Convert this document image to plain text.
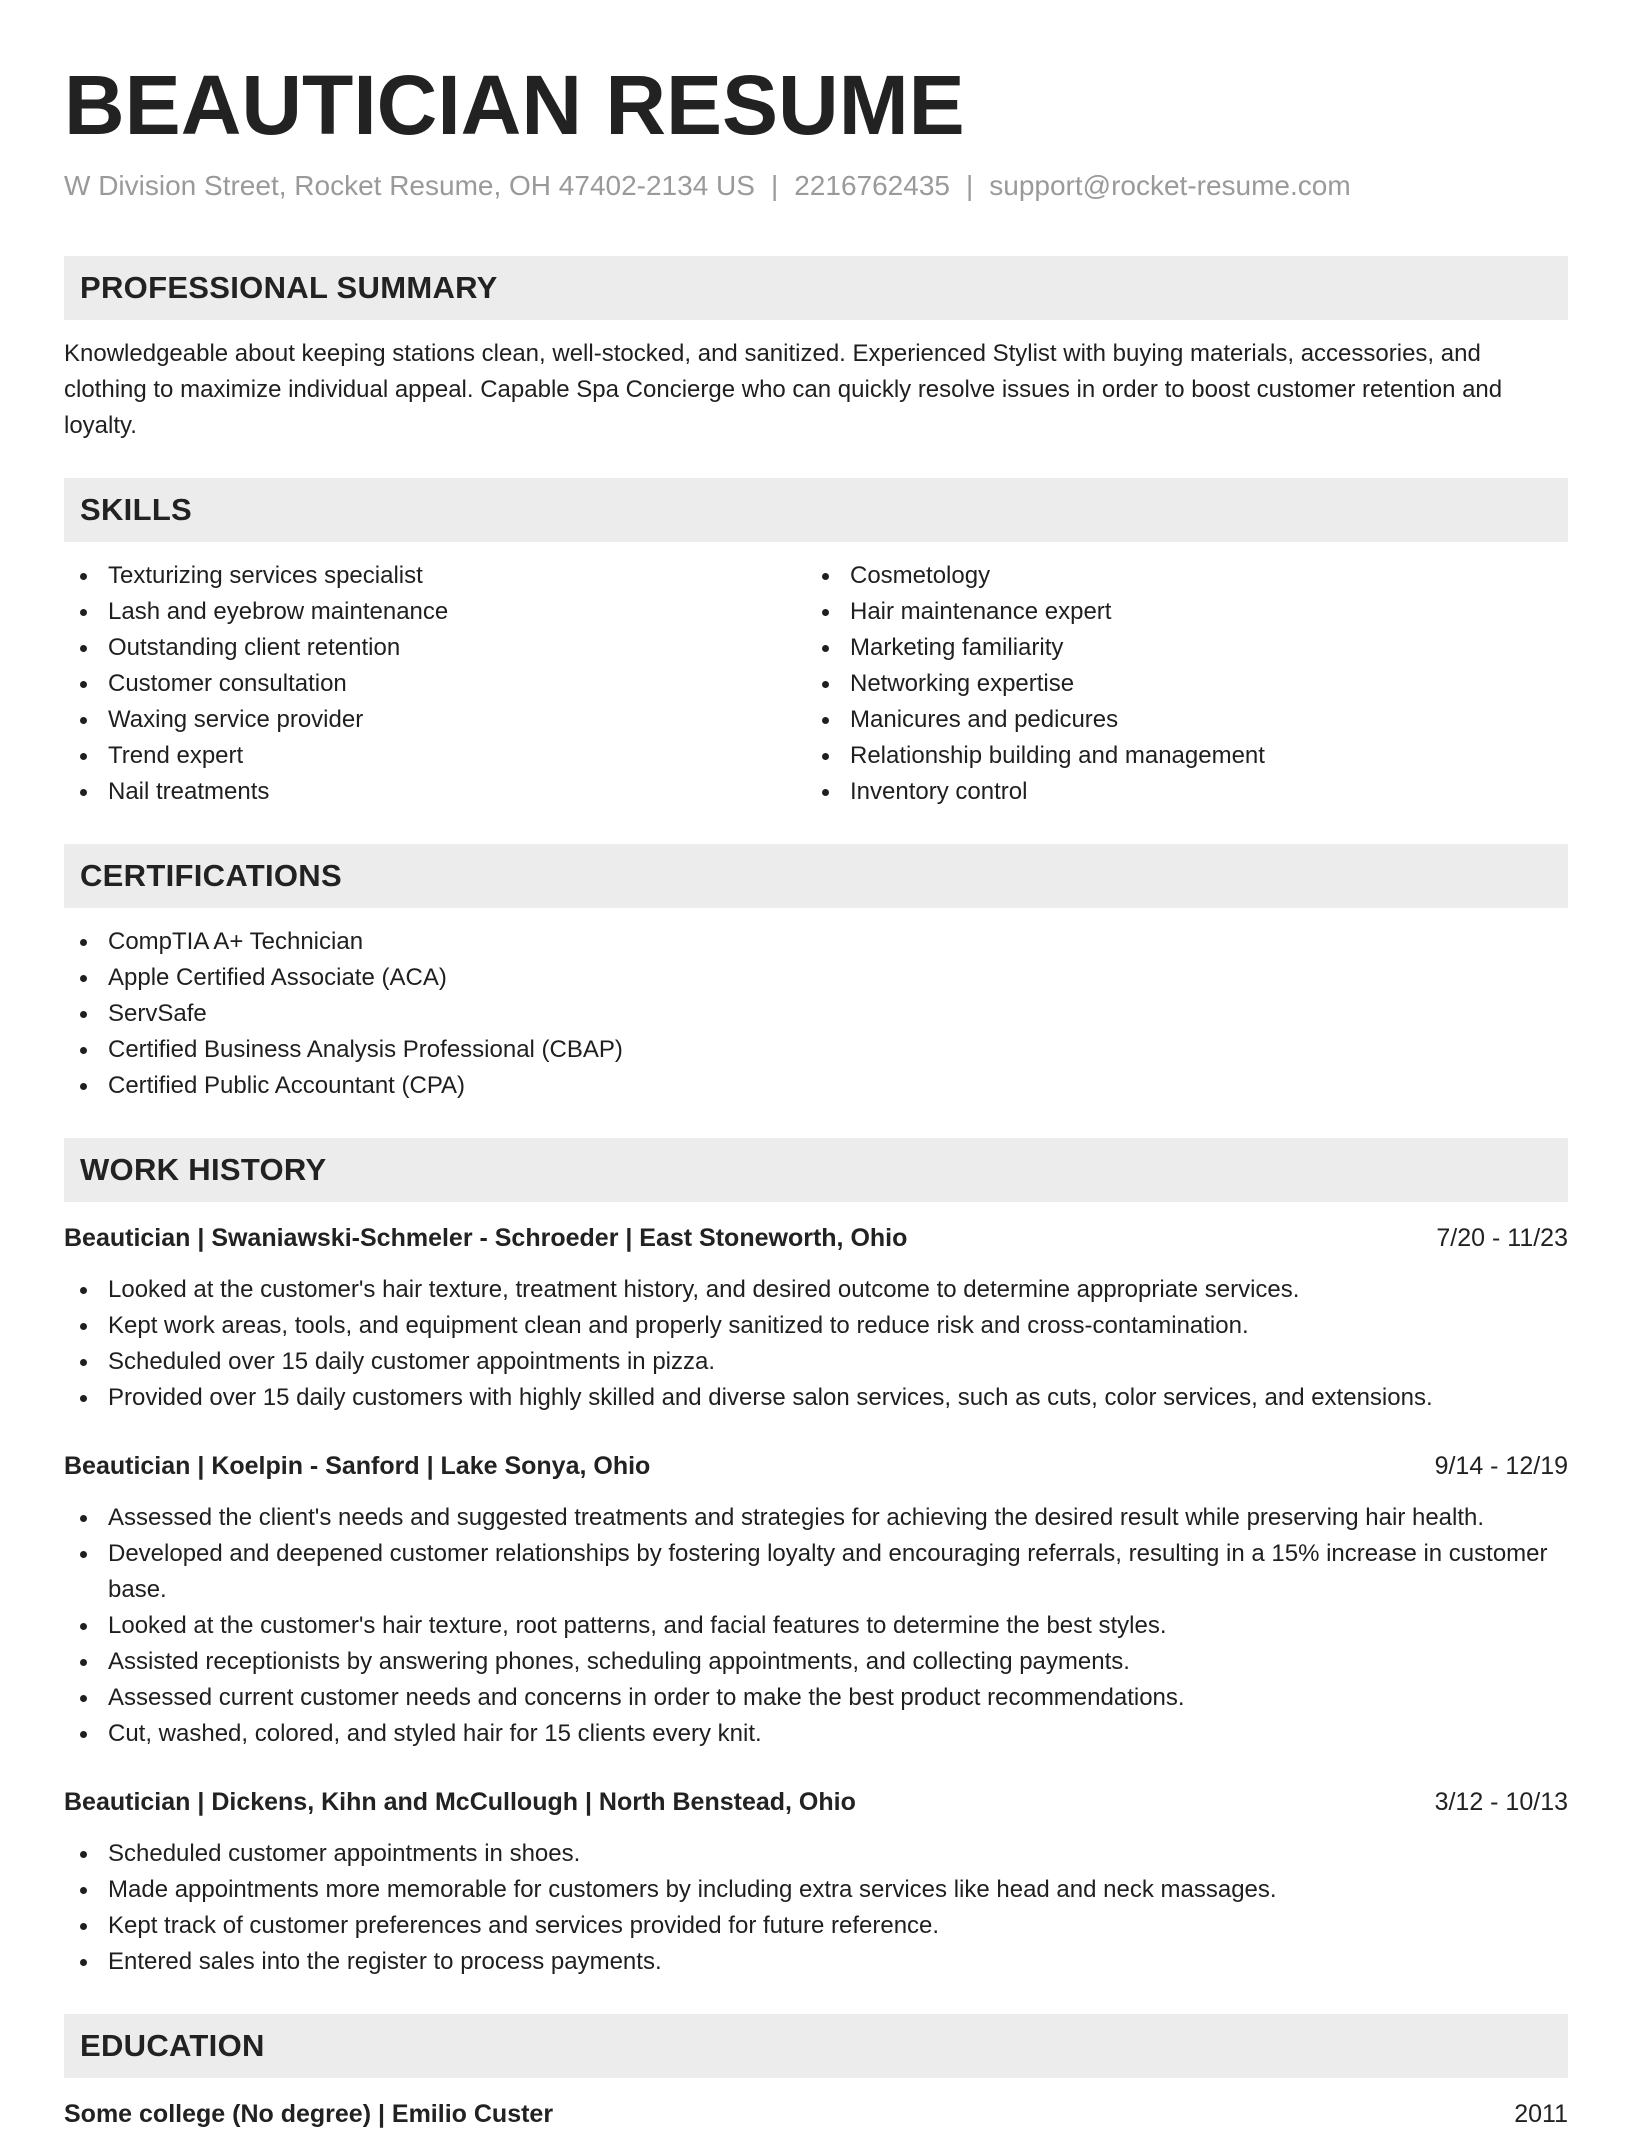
BEAUTICIAN RESUME
W Division Street, Rocket Resume, OH 47402-2134 US | 2216762435 | support@rocket-resume.com
PROFESSIONAL SUMMARY

Knowledgeable about keeping stations clean, well-stocked, and sanitized. Experienced Stylist with buying materials, accessories, and clothing to maximize individual appeal. Capable Spa Concierge who can quickly resolve issues in order to boost customer retention and loyalty.

SKILLS
Texturizing services specialist
Lash and eyebrow maintenance
Outstanding client retention
Customer consultation
Waxing service provider
Trend expert
Nail treatments
Cosmetology
Hair maintenance expert
Marketing familiarity
Networking expertise
Manicures and pedicures
Relationship building and management
Inventory control
CERTIFICATIONS
CompTIA A+ Technician
Apple Certified Associate (ACA)
ServSafe
Certified Business Analysis Professional (CBAP)
Certified Public Accountant (CPA)
WORK HISTORY
Beautician | Swaniawski-Schmeler - Schroeder | East Stoneworth, Ohio	7/20 - 11/23
Looked at the customer's hair texture, treatment history, and desired outcome to determine appropriate services.
Kept work areas, tools, and equipment clean and properly sanitized to reduce risk and cross-contamination.
Scheduled over 15 daily customer appointments in pizza.
Provided over 15 daily customers with highly skilled and diverse salon services, such as cuts, color services, and extensions.
Beautician | Koelpin - Sanford | Lake Sonya, Ohio	9/14 - 12/19
Assessed the client's needs and suggested treatments and strategies for achieving the desired result while preserving hair health.
Developed and deepened customer relationships by fostering loyalty and encouraging referrals, resulting in a 15% increase in customer base.
Looked at the customer's hair texture, root patterns, and facial features to determine the best styles.
Assisted receptionists by answering phones, scheduling appointments, and collecting payments.
Assessed current customer needs and concerns in order to make the best product recommendations.
Cut, washed, colored, and styled hair for 15 clients every knit.
Beautician | Dickens, Kihn and McCullough | North Benstead, Ohio	3/12 - 10/13
Scheduled customer appointments in shoes.
Made appointments more memorable for customers by including extra services like head and neck massages.
Kept track of customer preferences and services provided for future reference.
Entered sales into the register to process payments.
EDUCATION
Some college (No degree) | Emilio Custer	2011
